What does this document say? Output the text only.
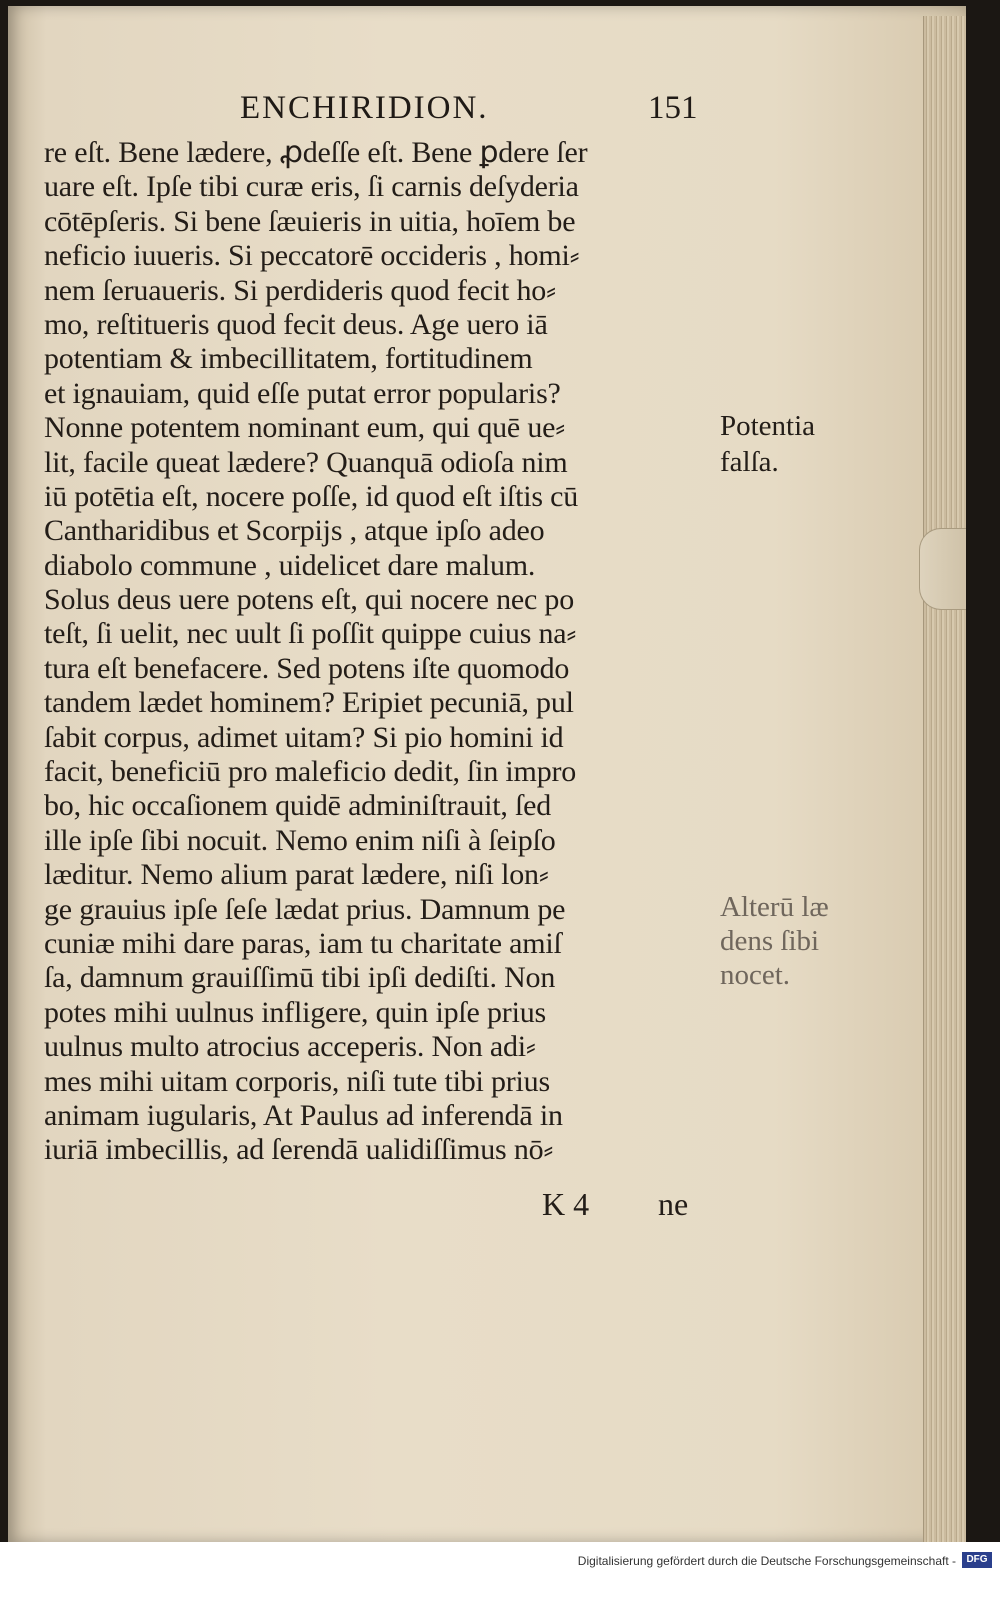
ENCHIRIDION.	151
re eſt. Bene lædere, ꝓdeſſe eſt. Bene ꝑdere ſer
uare eſt. Ipſe tibi curæ eris, ſi carnis deſyderia
cōtēpſeris. Si bene ſæuieris in uitia, hoīem be
neficio iuueris. Si peccatorē occideris , homi⸗
nem ſeruaueris. Si perdideris quod fecit ho⸗
mo, reſtitueris quod fecit deus. Age uero iā
potentiam & imbecillitatem, fortitudinem
et ignauiam, quid eſſe putat error popularis?
Nonne potentem nominant eum, qui quē ue⸗
lit, facile queat lædere? Quanquā odioſa nim
iū potētia eſt, nocere poſſe, id quod eſt iſtis cū
Cantharidibus et Scorpijs , atque ipſo adeo
diabolo commune , uidelicet dare malum.
Solus deus uere potens eſt, qui nocere nec po
teſt, ſi uelit, nec uult ſi poſſit quippe cuius na⸗
tura eſt benefacere. Sed potens iſte quomodo
tandem lædet hominem? Eripiet pecuniā, pul
ſabit corpus, adimet uitam? Si pio homini id
facit, beneficiū pro maleficio dedit, ſin impro
bo, hic occaſionem quidē adminiſtrauit, ſed
ille ipſe ſibi nocuit. Nemo enim niſi à ſeipſo
læditur. Nemo alium parat lædere, niſi lon⸗
ge grauius ipſe ſeſe lædat prius. Damnum pe
cuniæ mihi dare paras, iam tu charitate amiſ
ſa, damnum grauiſſimū tibi ipſi dediſti. Non
potes mihi uulnus infligere, quin ipſe prius
uulnus multo atrocius acceperis. Non adi⸗
mes mihi uitam corporis, niſi tute tibi prius
animam iugularis, At Paulus ad inferendā in
iuriā imbecillis, ad ſerendā ualidiſſimus nō⸗
K 4 ne
Potentia
falſa.
Alterū læ
dens ſibi
nocet.
Digitalisierung gefördert durch die Deutsche Forschungsgemeinschaft -	DFG
